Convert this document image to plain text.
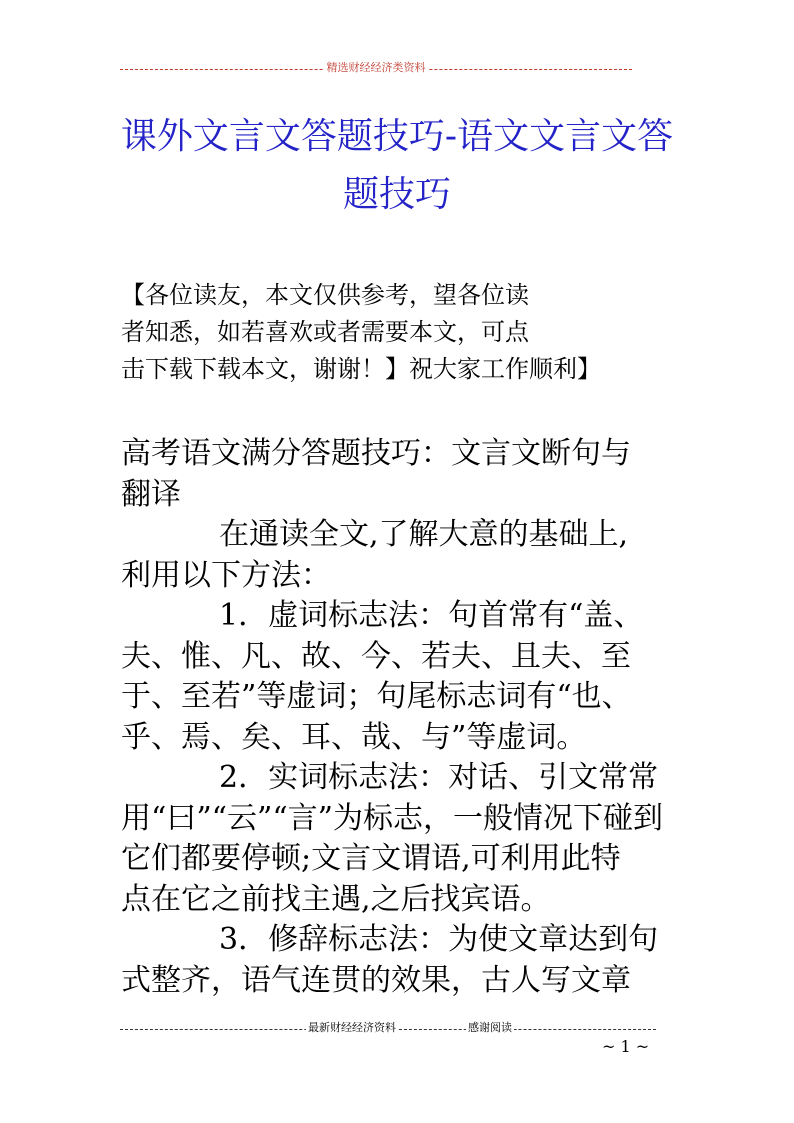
精选财经经济类资料
课外文言文答题技巧-语文文言文答
题技巧
【各位读友，本文仅供参考，望各位读
者知悉，如若喜欢或者需要本文，可点
击下载下载本文，谢谢！】祝大家工作顺利】
高考语文满分答题技巧：文言文断句与
翻译
在通读全文,了解大意的基础上,
利用以下方法：
1．虚词标志法：句首常有“盖、
夫、惟、凡、故、今、若夫、且夫、至
于、至若”等虚词；句尾标志词有“也、
乎、焉、矣、耳、哉、与”等虚词。
2．实词标志法：对话、引文常常
用“曰”“云”“言”为标志，一般情况下碰到
它们都要停顿;文言文谓语,可利用此特
点在它之前找主遇,之后找宾语。
3．修辞标志法：为使文章达到句
式整齐，语气连贯的效果，古人写文章
最新财经经济资料	感谢阅读
~ 1 ~
